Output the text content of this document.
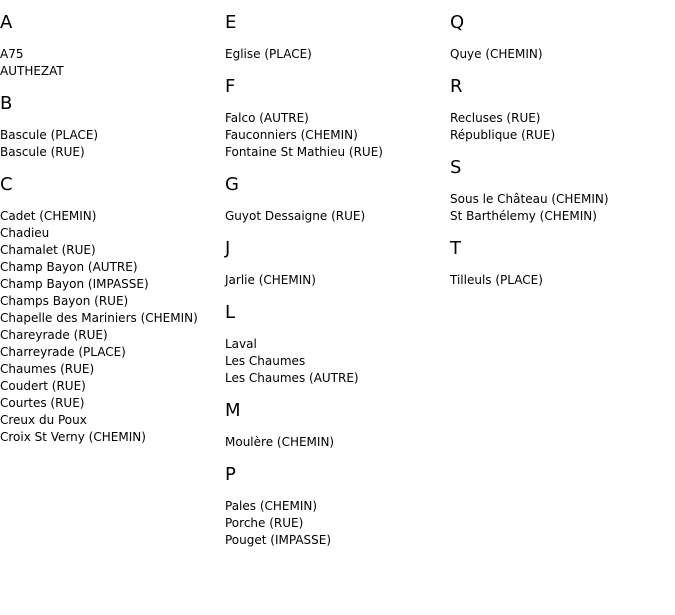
A
A75
AUTHEZAT
B
Bascule (PLACE)
Bascule (RUE)
C
Cadet (CHEMIN)
Chadieu
Chamalet (RUE)
Champ Bayon (AUTRE)
Champ Bayon (IMPASSE)
Champs Bayon (RUE)
Chapelle des Mariniers (CHEMIN)
Chareyrade (RUE)
Charreyrade (PLACE)
Chaumes (RUE)
Coudert (RUE)
Courtes (RUE)
Creux du Poux
Croix St Verny (CHEMIN)
E
Eglise (PLACE)
F
Falco (AUTRE)
Fauconniers (CHEMIN)
Fontaine St Mathieu (RUE)
G
Guyot Dessaigne (RUE)
J
Jarlie (CHEMIN)
L
Laval
Les Chaumes
Les Chaumes (AUTRE)
M
Moulère (CHEMIN)
P
Pales (CHEMIN)
Porche (RUE)
Pouget (IMPASSE)
Q
Quye (CHEMIN)
R
Recluses (RUE)
République (RUE)
S
Sous le Château (CHEMIN)
St Barthélemy (CHEMIN)
T
Tilleuls (PLACE)
